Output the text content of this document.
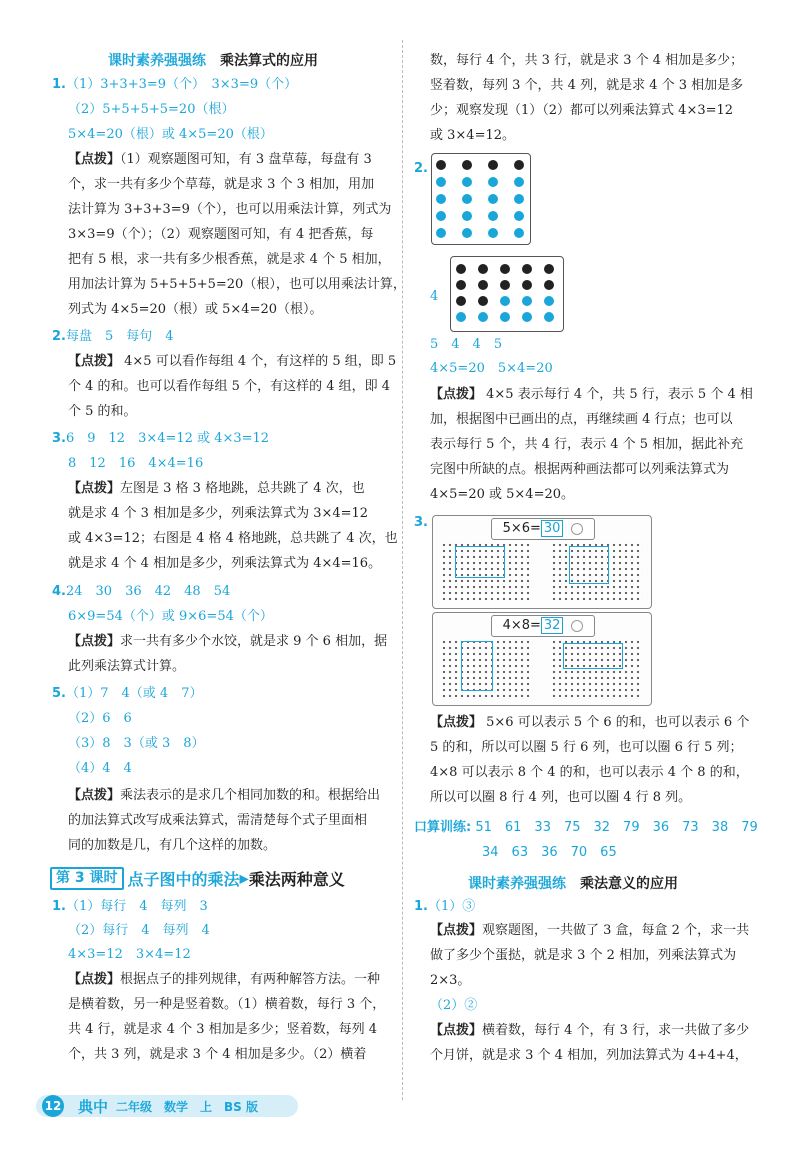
课时素养强强练 乘法算式的应用
1.（1）3+3+3=9（个）　3×3=9（个）
（2）5+5+5+5=20（根）
5×4=20（根）或 4×5=20（根）
【点拨】（1）观察题图可知，有 3 盘草莓，每盘有 3
个，求一共有多少个草莓，就是求 3 个 3 相加，用加
法计算为 3+3+3=9（个），也可以用乘法计算，列式为
3×3=9（个）；（2）观察题图可知，有 4 把香蕉，每
把有 5 根，求一共有多少根香蕉，就是求 4 个 5 相加，
用加法计算为 5+5+5+5=20（根），也可以用乘法计算，
列式为 4×5=20（根）或 5×4=20（根）。
2.每盘　5　每句　4
【点拨】 4×5 可以看作每组 4 个，有这样的 5 组，即 5
个 4 的和。也可以看作每组 5 个，有这样的 4 组，即 4
个 5 的和。
3.6　9　12　3×4=12 或 4×3=12
8　12　16　4×4=16
【点拨】左图是 3 格 3 格地跳，总共跳了 4 次，也
就是求 4 个 3 相加是多少，列乘法算式为 3×4=12
或 4×3=12；右图是 4 格 4 格地跳，总共跳了 4 次，也
就是求 4 个 4 相加是多少，列乘法算式为 4×4=16。
4.24　30　36　42　48　54
6×9=54（个）或 9×6=54（个）
【点拨】求一共有多少个水饺，就是求 9 个 6 相加，据
此列乘法算式计算。
5.（1）7　4（或 4　7）
（2）6　6
（3）8　3（或 3　8）
（4）4　4
【点拨】乘法表示的是求几个相同加数的和。根据给出
的加法算式改写成乘法算式，需清楚每个式子里面相
同的加数是几，有几个这样的加数。
第 3 课时 点子图中的乘法▶乘法两种意义
1.（1）每行　4　每列　3
（2）每行　4　每列　4
4×3=12　3×4=12
【点拨】根据点子的排列规律，有两种解答方法。一种
是横着数，另一种是竖着数。（1）横着数，每行 3 个，
共 4 行，就是求 4 个 3 相加是多少；竖着数，每列 4
个，共 3 列，就是求 3 个 4 相加是多少。（2）横着
数，每行 4 个，共 3 行，就是求 3 个 4 相加是多少；
竖着数，每列 3 个，共 4 列，就是求 4 个 3 相加是多
少；观察发现（1）（2）都可以列乘法算式 4×3=12
或 3×4=12。
2.
4
5　4　4　5
4×5=20　5×4=20
【点拨】 4×5 表示每行 4 个，共 5 行，表示 5 个 4 相
加，根据图中已画出的点，再继续画 4 行点；也可以
表示每行 5 个，共 4 行，表示 4 个 5 相加，据此补充
完图中所缺的点。根据两种画法都可以列乘法算式为
4×5=20 或 5×4=20。
3.	5×6= 30
4×8= 32
【点拨】 5×6 可以表示 5 个 6 的和，也可以表示 6 个
5 的和，所以可以圈 5 行 6 列，也可以圈 6 行 5 列；
4×8 可以表示 8 个 4 的和，也可以表示 4 个 8 的和，
所以可以圈 8 行 4 列，也可以圈 4 行 8 列。
口算训练: 51　61　33　75　32　79　36　73　38　79
34　63　36　70　65
课时素养强强练 乘法意义的应用
1.（1）③
【点拨】观察题图，一共做了 3 盒，每盒 2 个，求一共
做了多少个蛋挞，就是求 3 个 2 相加，列乘法算式为
2×3。
（2）②
【点拨】横着数，每行 4 个，有 3 行，求一共做了多少
个月饼，就是求 3 个 4 相加，列加法算式为 4+4+4，
12 典中 二年级　数学　上　BS 版
